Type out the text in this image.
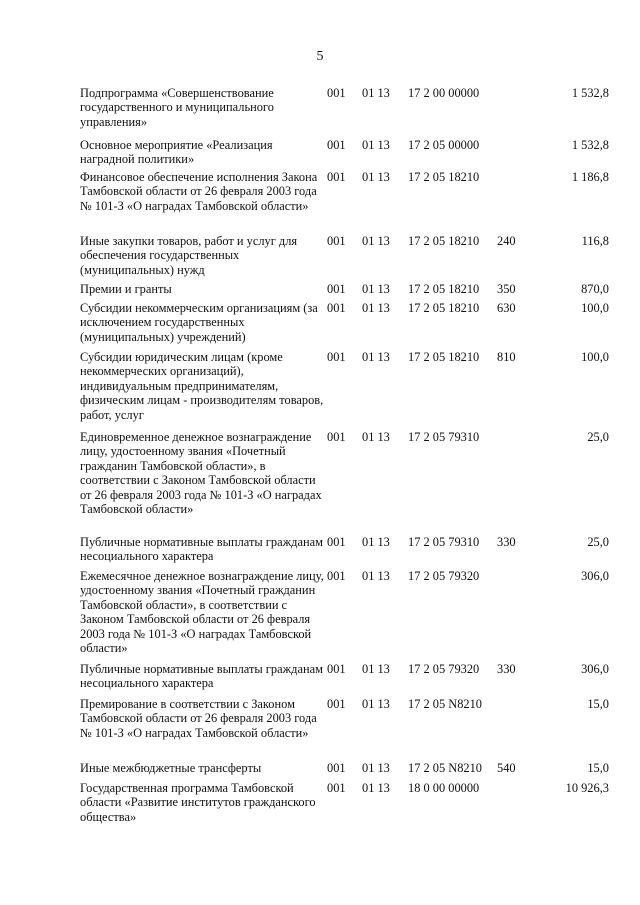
5
Подпрограмма «Совершенствование государственного и муниципального управления»
001 01 13 17 2 00 00000	1 532,8
Основное мероприятие «Реализация наградной политики»
001 01 13 17 2 05 00000	1 532,8
Финансовое обеспечение исполнения Закона Тамбовской области от 26 февраля 2003 года № 101-З «О наградах Тамбовской области»
001 01 13 17 2 05 18210	1 186,8
Иные закупки товаров, работ и услуг для обеспечения государственных (муниципальных) нужд
001 01 13 17 2 05 18210 240	116,8
Премии и гранты	001 01 13 17 2 05 18210 350	870,0
Субсидии некоммерческим организациям (за исключением государственных (муниципальных) учреждений)
001 01 13 17 2 05 18210 630	100,0
Субсидии юридическим лицам (кроме некоммерческих организаций), индивидуальным предпринимателям, физическим лицам - производителям товаров, работ, услуг
001 01 13 17 2 05 18210 810	100,0
Единовременное денежное вознаграждение лицу, удостоенному звания «Почетный гражданин Тамбовской области», в соответствии с Законом Тамбовской области от 26 февраля 2003 года № 101-З «О наградах Тамбовской области»
001 01 13 17 2 05 79310	25,0
Публичные нормативные выплаты гражданам несоциального характера
001 01 13 17 2 05 79310 330	25,0
Ежемесячное денежное вознаграждение лицу, удостоенному звания «Почетный гражданин Тамбовской области», в соответствии с Законом Тамбовской области от 26 февраля 2003 года № 101-З «О наградах Тамбовской области»
001 01 13 17 2 05 79320	306,0
Публичные нормативные выплаты гражданам несоциального характера
001 01 13 17 2 05 79320 330	306,0
Премирование в соответствии с Законом Тамбовской области от 26 февраля 2003 года № 101-З «О наградах Тамбовской области»
001 01 13 17 2 05 N8210	15,0
Иные межбюджетные трансферты	001 01 13 17 2 05 N8210 540	15,0
Государственная программа Тамбовской области «Развитие институтов гражданского общества»
001 01 13 18 0 00 00000	10 926,3
